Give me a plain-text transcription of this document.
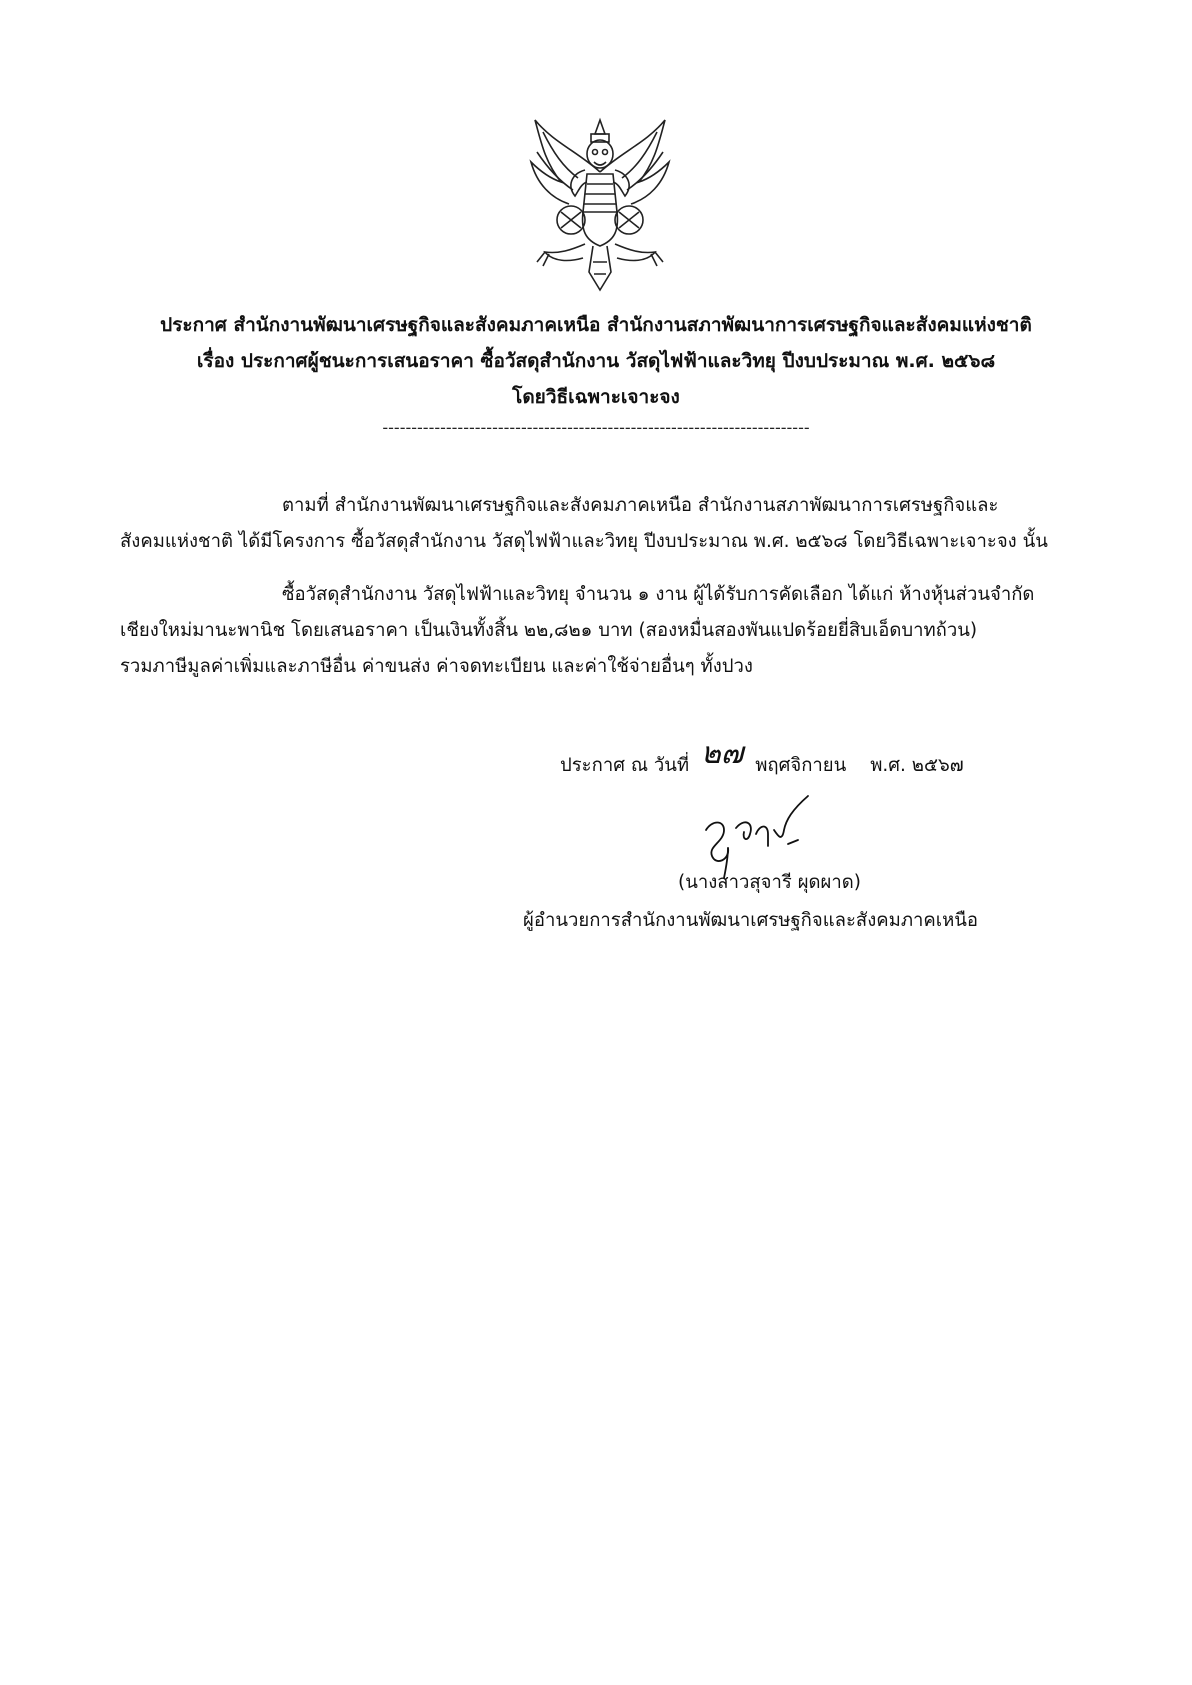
ประกาศ สำนักงานพัฒนาเศรษฐกิจและสังคมภาคเหนือ สำนักงานสภาพัฒนาการเศรษฐกิจและสังคมแห่งชาติ
เรื่อง ประกาศผู้ชนะการเสนอราคา ซื้อวัสดุสำนักงาน วัสดุไฟฟ้าและวิทยุ ปีงบประมาณ พ.ศ. ๒๕๖๘
โดยวิธีเฉพาะเจาะจง
--------------------------------------------------------------------------
ตามที่ สำนักงานพัฒนาเศรษฐกิจและสังคมภาคเหนือ สำนักงานสภาพัฒนาการเศรษฐกิจและ
สังคมแห่งชาติ ได้มีโครงการ ซื้อวัสดุสำนักงาน วัสดุไฟฟ้าและวิทยุ ปีงบประมาณ พ.ศ. ๒๕๖๘ โดยวิธีเฉพาะเจาะจง นั้น
ซื้อวัสดุสำนักงาน วัสดุไฟฟ้าและวิทยุ จำนวน ๑ งาน ผู้ได้รับการคัดเลือก ได้แก่ ห้างหุ้นส่วนจำกัด
เชียงใหม่มานะพานิช โดยเสนอราคา เป็นเงินทั้งสิ้น ๒๒,๘๒๑ บาท (สองหมื่นสองพันแปดร้อยยี่สิบเอ็ดบาทถ้วน)
รวมภาษีมูลค่าเพิ่มและภาษีอื่น ค่าขนส่ง ค่าจดทะเบียน และค่าใช้จ่ายอื่นๆ ทั้งปวง
ประกาศ ณ วันที่ ๒๗ พฤศจิกายน พ.ศ. ๒๕๖๗
(นางสาวสุจารี ผุดผาด)
ผู้อำนวยการสำนักงานพัฒนาเศรษฐกิจและสังคมภาคเหนือ
